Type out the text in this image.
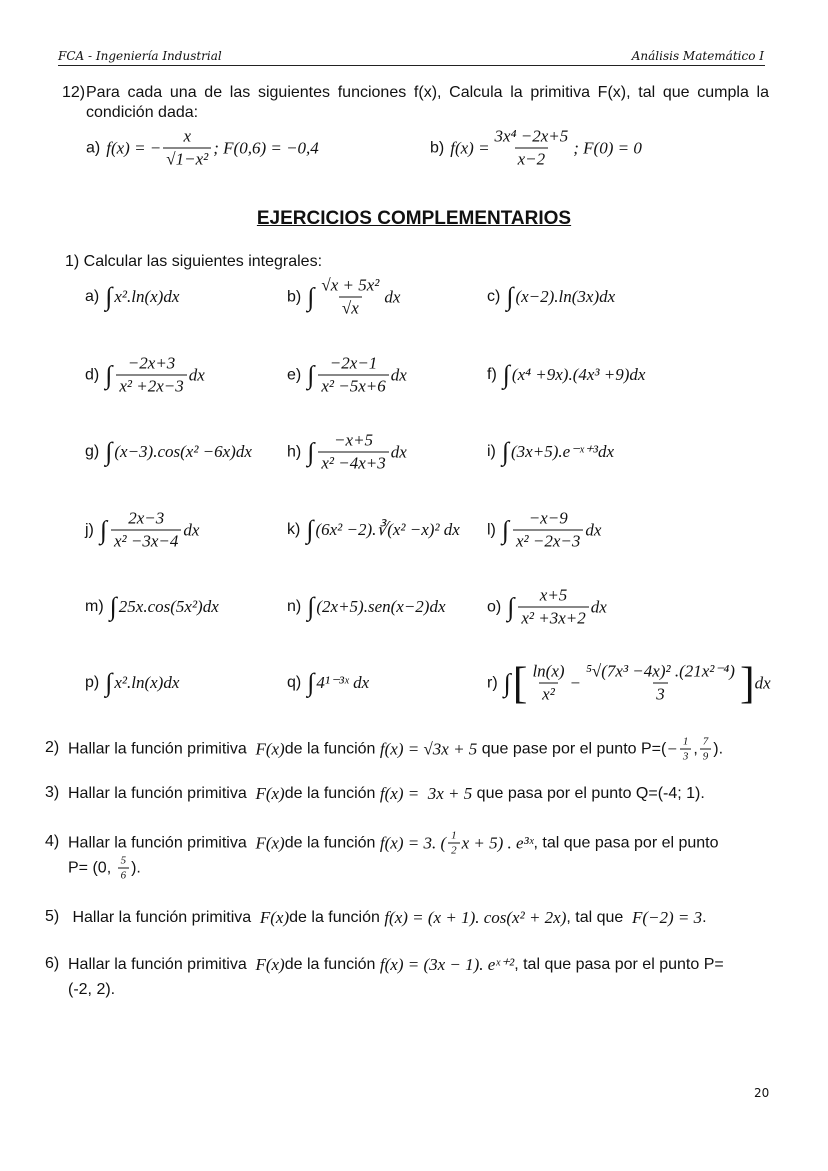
FCA - Ingeniería Industrial	Análisis Matemático I
12) Para cada una de las siguientes funciones f(x), Calcula la primitiva F(x), tal que cumpla la
condición dada:
a) f(x) = − $\frac{x}{\text{√1−x²}}$ ; F(0,6) = −0,4	b) $f(x) = \frac{\text{3x⁴ −2x+5}}{x-2}$ ; F(0) = 0
EJERCICIOS COMPLEMENTARIOS
1) Calcular las siguientes integrales:
a) ∫ x².ln(x)dx	b) ∫ $\frac{\text{√x + 5x²}}{√x}$ dx	c) ∫ (x−2).ln(3x)dx
d) ∫ $\frac{-2x+3}{\text{x² +2x−3}}$ dx	e) ∫ $\frac{-2x-1}{\text{x² −5x+6}}$ dx	f) ∫ (x⁴ +9x).(4x³ +9)dx
g) ∫ (x−3).cos(x² −6x)dx h) ∫ $\frac{-x+5}{\text{x² −4x+3}}$ dx	i) ∫ (3x+5).e⁻ˣ⁺³dx
j) ∫ $\frac{2x-3}{\text{x² −3x−4}}$ dx	k) ∫ (6x² −2).∛(x² −x)² dx l) ∫ $\frac{-x-9}{\text{x² −2x−3}}$ dx
m) ∫ 25x.cos(5x²)dx	n) ∫ (2x+5).sen(x−2)dx	o) ∫ $\frac{x+5}{\text{x² +3x+2}}$ dx
p) ∫ x².ln(x)dx	q) ∫ 4¹⁻³ˣ dx	r) ∫ [ $\frac{\ln(x)}{\text{x²}} - \frac{\text{⁵√(7x³ −4x)² .(21x²⁻⁴)}}{3}$ ] dx
2) Hallar la función primitiva F(x) de la función f(x) = √3x + 5 que pase por el punto $P=( - \frac{1}{3}$ , $\frac{7}{9}$ ).
3) Hallar la función primitiva F(x) de la función f(x) =  3x + 5 que pasa por el punto Q=(-4; 1).
4) Hallar la función primitiva F(x) de la función f(x) = 3. ( $\frac{1}{2}$ x + 5) . e³ˣ , tal que pasa por el punto
P= (0, $\frac{5}{6}$ ).
5) Hallar la función primitiva F(x) de la función f(x) = (x + 1). cos(x² + 2x) , tal que F(−2) = 3 .
6) Hallar la función primitiva F(x) de la función f(x) = (3x − 1). eˣ⁺² , tal que pasa por el punto P=
(-2, 2).
20
